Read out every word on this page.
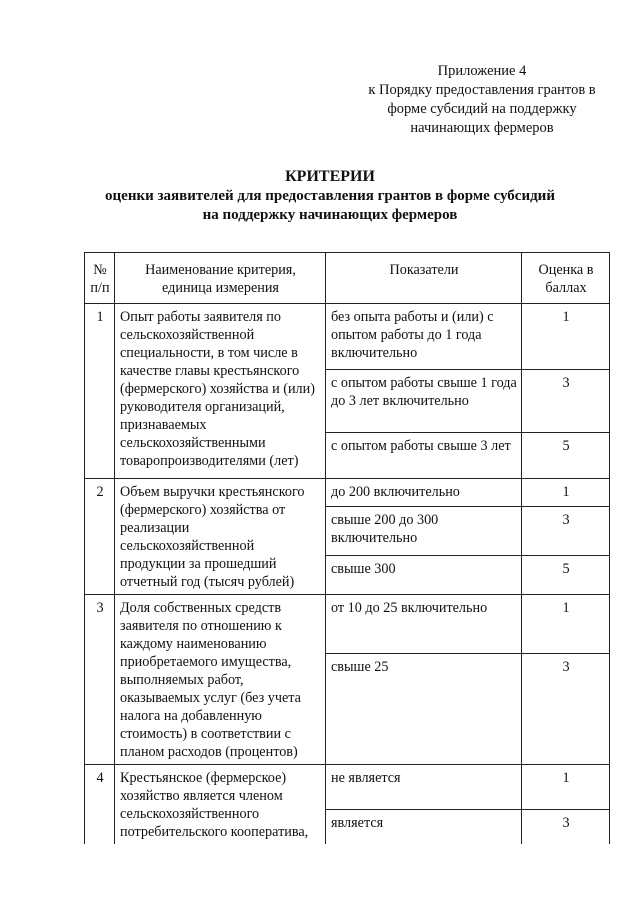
Приложение 4
к Порядку предоставления грантов в
форме субсидий на поддержку
начинающих фермеров
КРИТЕРИИ
оценки заявителей для предоставления грантов в форме субсидий
на поддержку начинающих фермеров
№ п/п	Наименование критерия, единица измерения	Показатели	Оценка в баллах
1	Опыт работы заявителя по сельскохозяйственной специальности, в том числе в качестве главы крестьянского (фермерского) хозяйства и (или) руководителя организаций, признаваемых сельскохозяйственными товаропроизводителями (лет)	без опыта работы и (или) с опытом работы до 1 года включительно	1
		с опытом работы свыше 1 года до 3 лет включительно	3
		с опытом работы свыше 3 лет	5
2	Объем выручки крестьянского (фермерского) хозяйства от реализации сельскохозяйственной продукции за прошедший отчетный год (тысяч рублей)	до 200 включительно	1
		свыше 200 до 300 включительно	3
		свыше 300	5
3	Доля собственных средств заявителя по отношению к каждому наименованию приобретаемого имущества, выполняемых работ, оказываемых услуг (без учета налога на добавленную стоимость) в соответствии с планом расходов (процентов)	от 10 до 25 включительно	1
		свыше 25	3
4	Крестьянское (фермерское) хозяйство является членом сельскохозяйственного потребительского кооператива,	не является	1
		является	3
